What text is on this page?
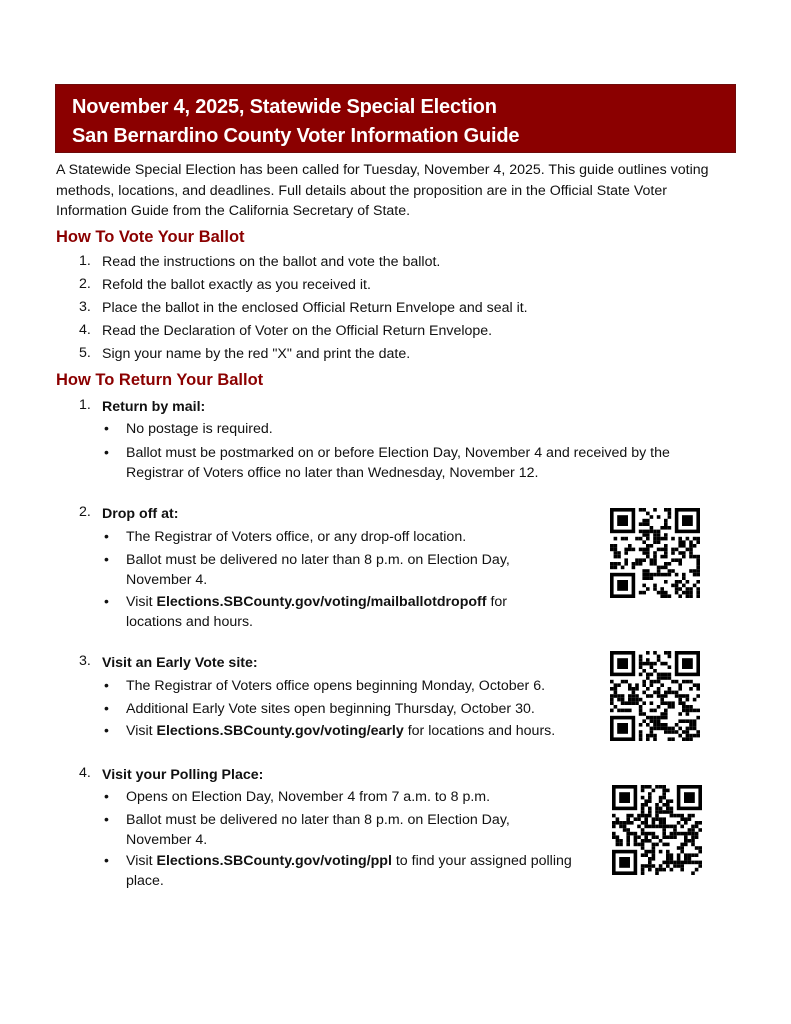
November 4, 2025, Statewide Special Election
San Bernardino County Voter Information Guide
A Statewide Special Election has been called for Tuesday, November 4, 2025. This guide outlines voting methods, locations, and deadlines. Full details about the proposition are in the Official State Voter Information Guide from the California Secretary of State.
How To Vote Your Ballot
1. Read the instructions on the ballot and vote the ballot.
2. Refold the ballot exactly as you received it.
3. Place the ballot in the enclosed Official Return Envelope and seal it.
4. Read the Declaration of Voter on the Official Return Envelope.
5. Sign your name by the red "X" and print the date.
How To Return Your Ballot
1. Return by mail:
• No postage is required.
• Ballot must be postmarked on or before Election Day, November 4 and received by the Registrar of Voters office no later than Wednesday, November 12.
2. Drop off at:
• The Registrar of Voters office, or any drop-off location.
• Ballot must be delivered no later than 8 p.m. on Election Day, November 4.
• Visit Elections.SBCounty.gov/voting/mailballotdropoff for locations and hours.
3. Visit an Early Vote site:
• The Registrar of Voters office opens beginning Monday, October 6.
• Additional Early Vote sites open beginning Thursday, October 30.
• Visit Elections.SBCounty.gov/voting/early for locations and hours.
4. Visit your Polling Place:
• Opens on Election Day, November 4 from 7 a.m. to 8 p.m.
• Ballot must be delivered no later than 8 p.m. on Election Day, November 4.
• Visit Elections.SBCounty.gov/voting/ppl to find your assigned polling place.
